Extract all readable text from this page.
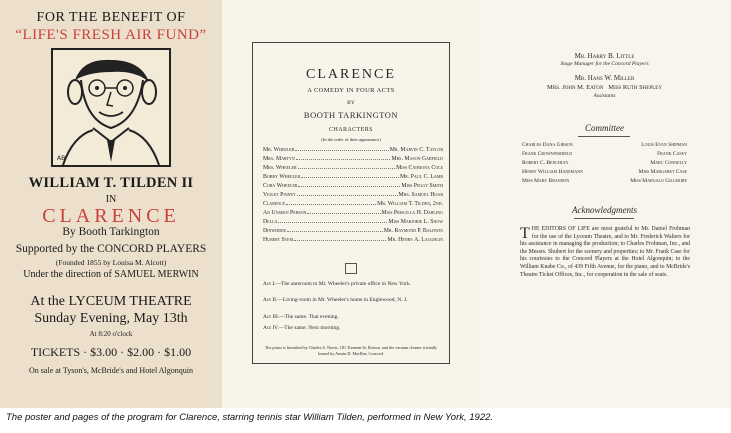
FOR THE BENEFIT OF
“LIFE'S FRESH AIR FUND”
AB
WILLIAM T. TILDEN II
IN
CLARENCE
By Booth Tarkington
Supported by the CONCORD PLAYERS
(Founded 1855 by Louisa M. Alcott)
Under the direction of SAMUEL MERWIN
At the LYCEUM THEATRE
Sunday Evening, May 13th
At 8:20 o'clock
TICKETS · $3.00 · $2.00 · $1.00
On sale at Tyson's, McBride's and Hotel Algonquin
CLARENCE
A COMEDY IN FOUR ACTS
BY
BOOTH TARKINGTON
CHARACTERS
(In the order of their appearance)
Mr. Wheeler	Mr. Marvin C. Taylor
Mrs. Martyn	Mrs. Mason Garfield
Mrs. Wheeler	Miss Catriona Cole
Bobby Wheeler	Mr. Paul C. Lamb
Cora Wheeler	Miss Peggy Smith
Violet Pinney	Mrs. Samuel Hoar
Clarence	Mr. William T. Tilden, 2nd.
An Unseen Person	Miss Priscilla H. Darling
Della	Miss Marjorie L. Snow
Dinwiddie	Mr. Raymond P. Baldwin
Hubert Stem	Mr. Henry A. Laughlin
Act I.—The anteroom to Mr. Wheeler's private office in New York.
Act II.—Living-room in Mr. Wheeler's home in Englewood, N. J.
Act III.—The same. That evening.
Act IV.—The same. Next morning.
The piano is furnished by Charles S. Norris, 181 Tremont St. Boston, and the vacuum cleaner is kindly loaned by Austin D. MacRae, Concord.
Mr. Harry B. Little
Stage Manager for the Concord Players
Mr. Hans W. Miller
Mrs. John M. Eaton   Miss Ruth Shepley
Assistants
Committee
Charles Dana Gibson	Louis Evan Shipman
Frank Crowninshield	Frank Casey
Robert C. Benchley	Marc Connelly
Henry William Hanemann	Miss Margaret Case
Miss Mary Brandon	Miss Margalo Gillmore
Acknowledgments
THE EDITORS OF LIFE are most grateful to Mr. Daniel Frohman for the use of the Lyceum Theatre, and to Mr. Frederick Walters for his assistance in managing the production; to Charles Frohman, Inc., and the Messrs. Shubert for the scenery and properties; to Mr. Frank Case for his courtesies to the Concord Players at the Hotel Algonquin; to the William Knabe Co., of 439 Fifth Avenue, for the piano, and to McBride's Theatre Ticket Offices, Inc., for cooperation in the sale of seats.
The poster and pages of the program for Clarence, starring tennis star William Tilden, performed in New York, 1922.
